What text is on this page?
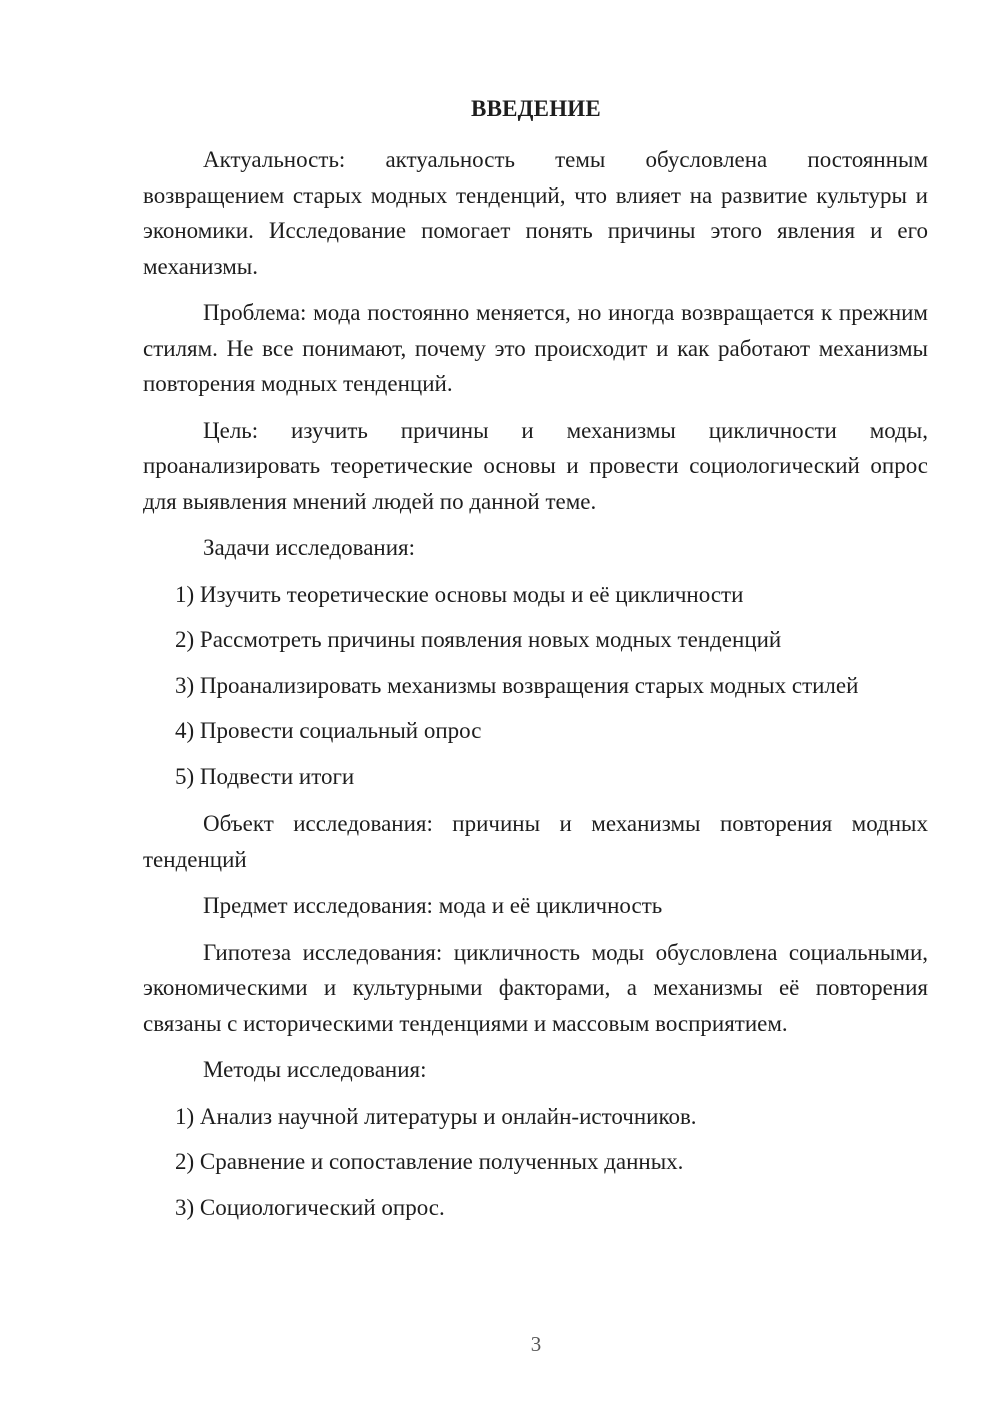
ВВЕДЕНИЕ

Актуальность: актуальность темы обусловлена постоянным возвращением старых модных тенденций, что влияет на развитие культуры и экономики. Исследование помогает понять причины этого явления и его механизмы.

Проблема: мода постоянно меняется, но иногда возвращается к прежним стилям. Не все понимают, почему это происходит и как работают механизмы повторения модных тенденций.

Цель: изучить причины и механизмы цикличности моды, проанализировать теоретические основы и провести социологический опрос для выявления мнений людей по данной теме.

Задачи исследования:

1) Изучить теоретические основы моды и её цикличности
2) Рассмотреть причины появления новых модных тенденций
3) Проанализировать механизмы возвращения старых модных стилей
4) Провести социальный опрос
5) Подвести итоги

Объект исследования: причины и механизмы повторения модных тенденций

Предмет исследования: мода и её цикличность

Гипотеза исследования: цикличность моды обусловлена социальными, экономическими и культурными факторами, а механизмы её повторения связаны с историческими тенденциями и массовым восприятием.

Методы исследования:

1) Анализ научной литературы и онлайн-источников.
2) Сравнение и сопоставление полученных данных.
3) Социологический опрос.
3
